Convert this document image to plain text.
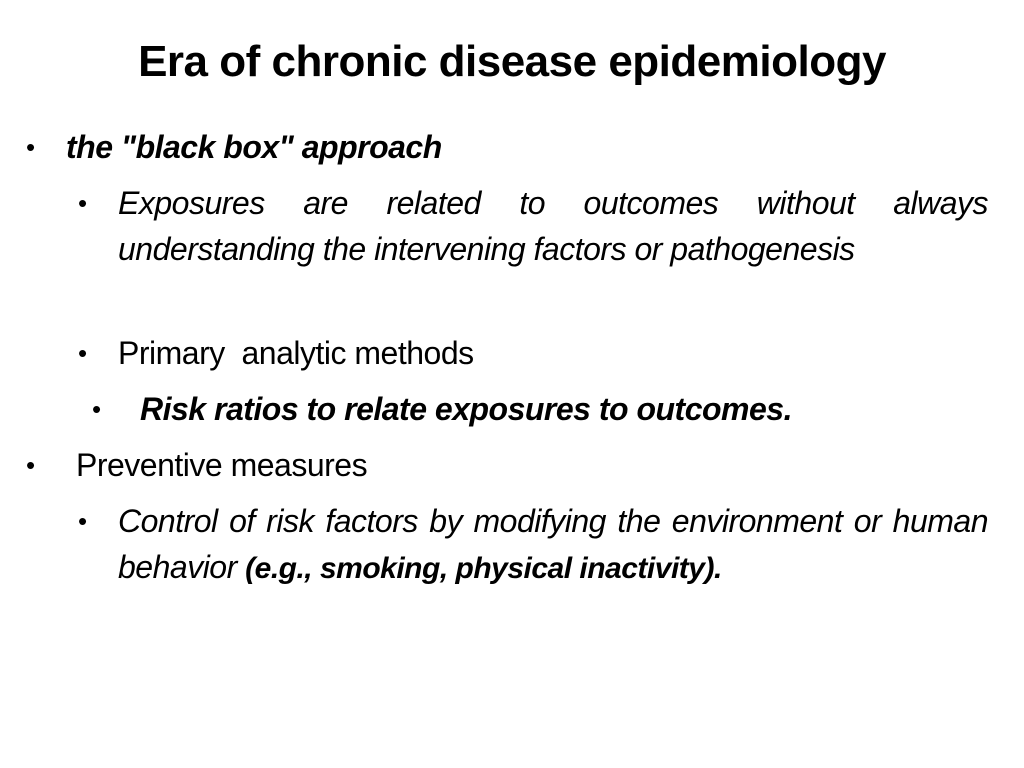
Era of chronic disease epidemiology
• the "black box" approach
• Exposures are related to outcomes without always understanding the intervening factors or pathogenesis
• Primary  analytic methods
• Risk ratios to relate exposures to outcomes.
• Preventive measures
• Control of risk factors by modifying the environment or human behavior (e.g., smoking, physical inactivity).
